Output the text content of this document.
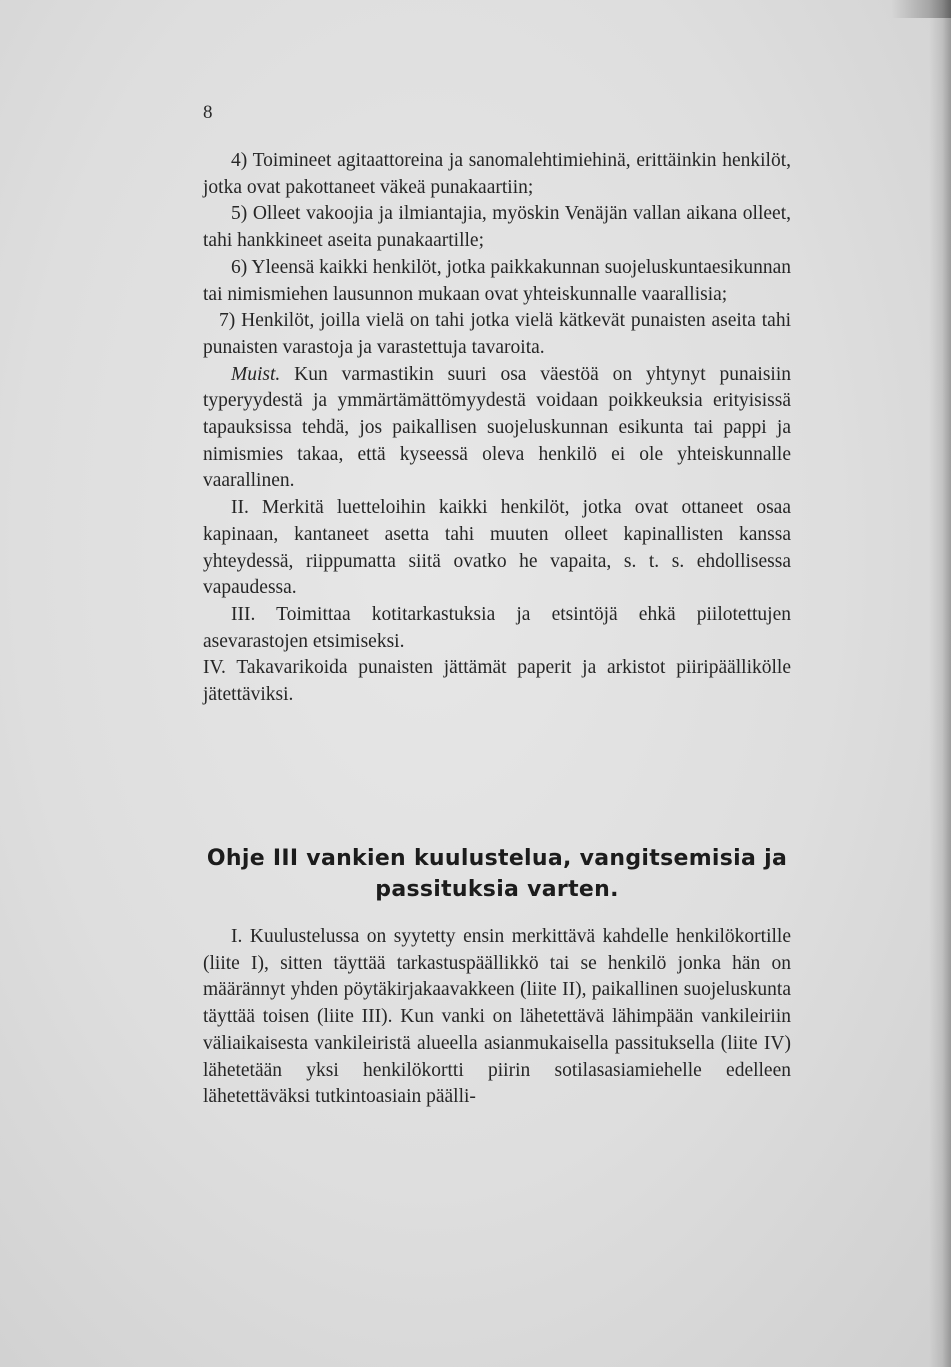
8

4) Toimineet agitaattoreina ja sanomalehtimiehinä, erittäinkin henkilöt, jotka ovat pakottaneet väkeä punakaartiin;

5) Olleet vakoojia ja ilmiantajia, myöskin Venäjän vallan aikana olleet, tahi hankkineet aseita punakaartille;

6) Yleensä kaikki henkilöt, jotka paikkakunnan suojeluskuntaesikunnan tai nimismiehen lausunnon mukaan ovat yhteiskunnalle vaarallisia;

7) Henkilöt, joilla vielä on tahi jotka vielä kätkevät punaisten aseita tahi punaisten varastoja ja varastettuja tavaroita.

Muist. Kun varmastikin suuri osa väestöä on yhtynyt punaisiin typeryydestä ja ymmärtämättömyydestä voidaan poikkeuksia erityisissä tapauksissa tehdä, jos paikallisen suojeluskunnan esikunta tai pappi ja nimismies takaa, että kyseessä oleva henkilö ei ole yhteiskunnalle vaarallinen.

II. Merkitä luetteloihin kaikki henkilöt, jotka ovat ottaneet osaa kapinaan, kantaneet asetta tahi muuten olleet kapinallisten kanssa yhteydessä, riippumatta siitä ovatko he vapaita, s. t. s. ehdollisessa vapaudessa.

III. Toimittaa kotitarkastuksia ja etsintöjä ehkä piilotettujen asevarastojen etsimiseksi.

IV. Takavarikoida punaisten jättämät paperit ja arkistot piiripäällikölle jätettäviksi.

Ohje III vankien kuulustelua, vangitsemisia ja
passituksia varten.

I. Kuulustelussa on syytetty ensin merkittävä kahdelle henkilökortille (liite I), sitten täyttää tarkastuspäällikkö tai se henkilö jonka hän on määrännyt yhden pöytäkirjakaavakkeen (liite II), paikallinen suojeluskunta täyttää toisen (liite III). Kun vanki on lähetettävä lähimpään vankileiriin väliaikaisesta vankileiristä alueella asianmukaisella passituksella (liite IV) lähetetään yksi henkilökortti piirin sotilasasiamiehelle edelleen lähetettäväksi tutkintoasiain päälli-
